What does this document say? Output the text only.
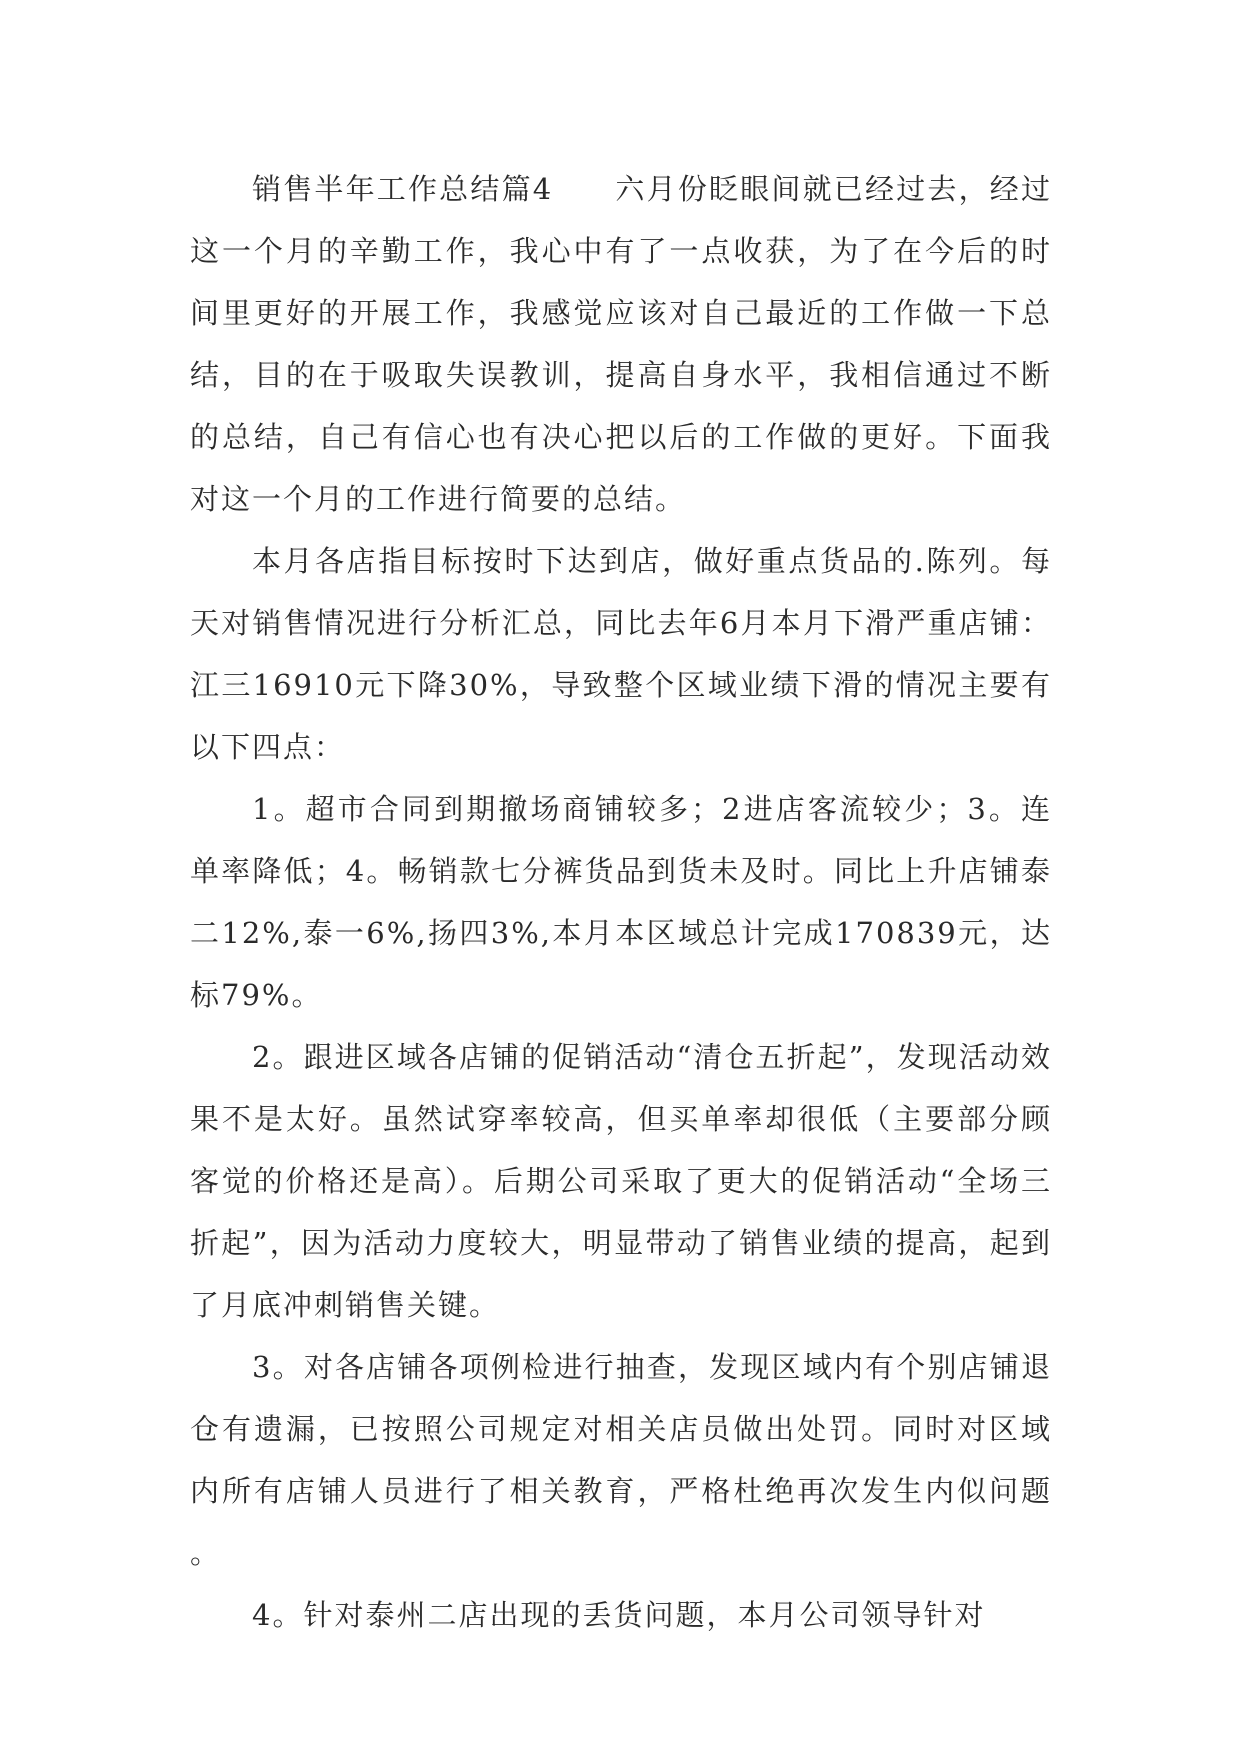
销售半年工作总结篇4 六月份眨眼间就已经过去，经过这一个月的辛勤工作，我心中有了一点收获，为了在今后的时间里更好的开展工作，我感觉应该对自己最近的工作做一下总结，目的在于吸取失误教训，提高自身水平，我相信通过不断的总结，自己有信心也有决心把以后的工作做的更好。下面我对这一个月的工作进行简要的总结。

本月各店指目标按时下达到店，做好重点货品的.陈列。每天对销售情况进行分析汇总，同比去年6月本月下滑严重店铺：江三16910元下降30%，导致整个区域业绩下滑的情况主要有以下四点：

1。超市合同到期撤场商铺较多；2进店客流较少；3。连单率降低；4。畅销款七分裤货品到货未及时。同比上升店铺泰二12%,泰一6%,扬四3%,本月本区域总计完成170839元，达标79%。

2。跟进区域各店铺的促销活动“清仓五折起”，发现活动效果不是太好。虽然试穿率较高，但买单率却很低（主要部分顾客觉的价格还是高）。后期公司采取了更大的促销活动“全场三折起”，因为活动力度较大，明显带动了销售业绩的提高，起到了月底冲刺销售关键。

3。对各店铺各项例检进行抽查，发现区域内有个别店铺退仓有遗漏，已按照公司规定对相关店员做出处罚。同时对区域内所有店铺人员进行了相关教育，严格杜绝再次发生内似问题。

4。针对泰州二店出现的丢货问题，本月公司领导针对
